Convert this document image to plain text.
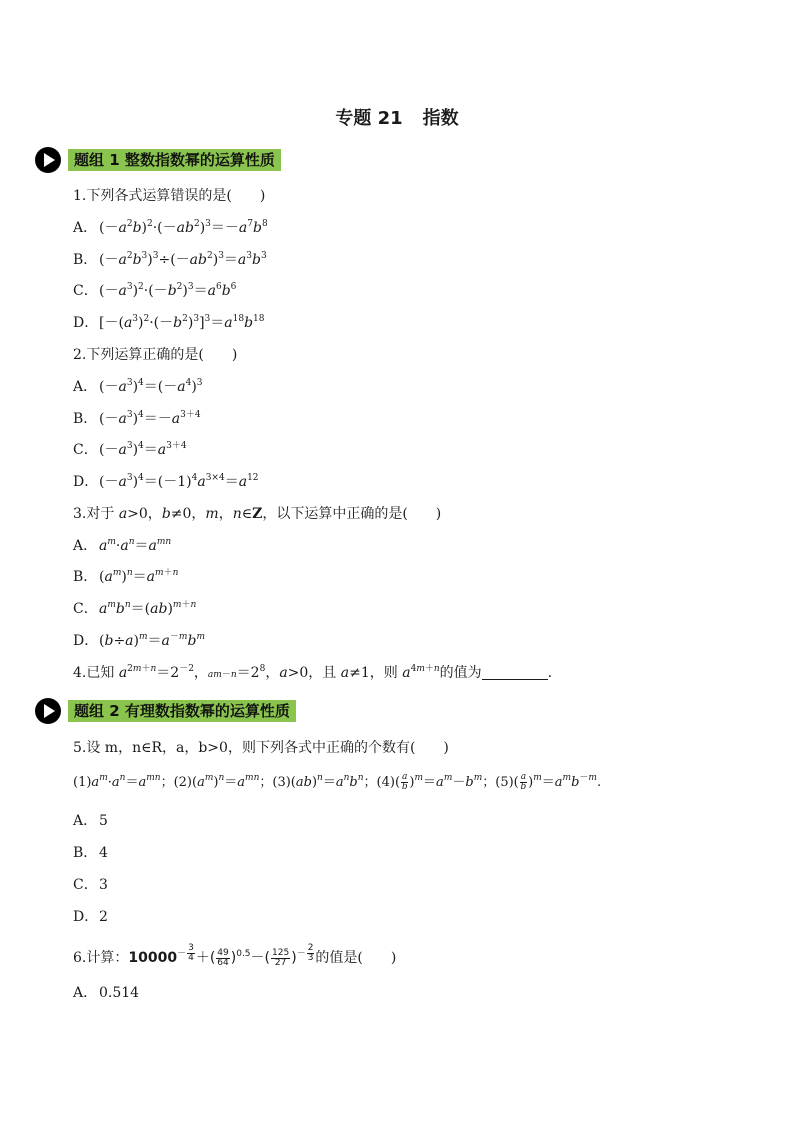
专题 21 指数
题组 1 整数指数幂的运算性质
1.下列各式运算错误的是(　　)
A． $(-a^2b)^2\cdot(-ab^2)^3=-a^7b^8$
B． $(-a^2b^3)^3\div(-ab^2)^3=a^3b^3$
C．$(-a^3)^2\cdot(-b^2)^3=a^6b^6$
D．$[-(a^3)^2\cdot(-b^2)^3]^3=a^{18}b^{18}$
2.下列运算正确的是(　　)
A． $(-a^3)^4=(-a^4)^3$
B． $(-a^3)^4=-a^{3+4}$
C．$(-a^3)^4=a^{3+4}$
D．$(-a^3)^4=(-1)^4a^{3\times 4}=a^{12}$
3.对于 a>0，b≠0，m，n∈Z，以下运算中正确的是(　　)
A． $a^m\cdot a^n=a^{mn}$
B． $(a^m)^n=a^{m+n}$
C．$a^mb^n=(ab)^{m+n}$
D．$(b\div a)^m=a^{-m}b^m$
4.已知 $a^{2m+n}=2^{-2}$，$am-n=2^8$，a>0，且 a≠1，则 $a^{4m+n}$的值为	.
题组 2 有理数指数幂的运算性质
5.设 m，n∈R，a，b>0，则下列各式中正确的个数有(　　)
$(1)a^m\cdot a^n=a^{mn}$；$(2)(a^m)^n=a^{mn}$；$(3)(ab)^n=a^nb^n$；$(4)( \frac{a}{b} )^m=a^m-b^m$；$(5)( \frac{a}{b} )^m=a^mb^{-m}$.
A． 5
B． 4
C．3
D．2
6.计算：$10000^{- \frac{3}{4}}$ ＋( $\frac{49}{64} )^{0.5}-( \frac{125}{27} )^{- \frac{2}{3}}$ 的值是(　　)
A． 0.514
